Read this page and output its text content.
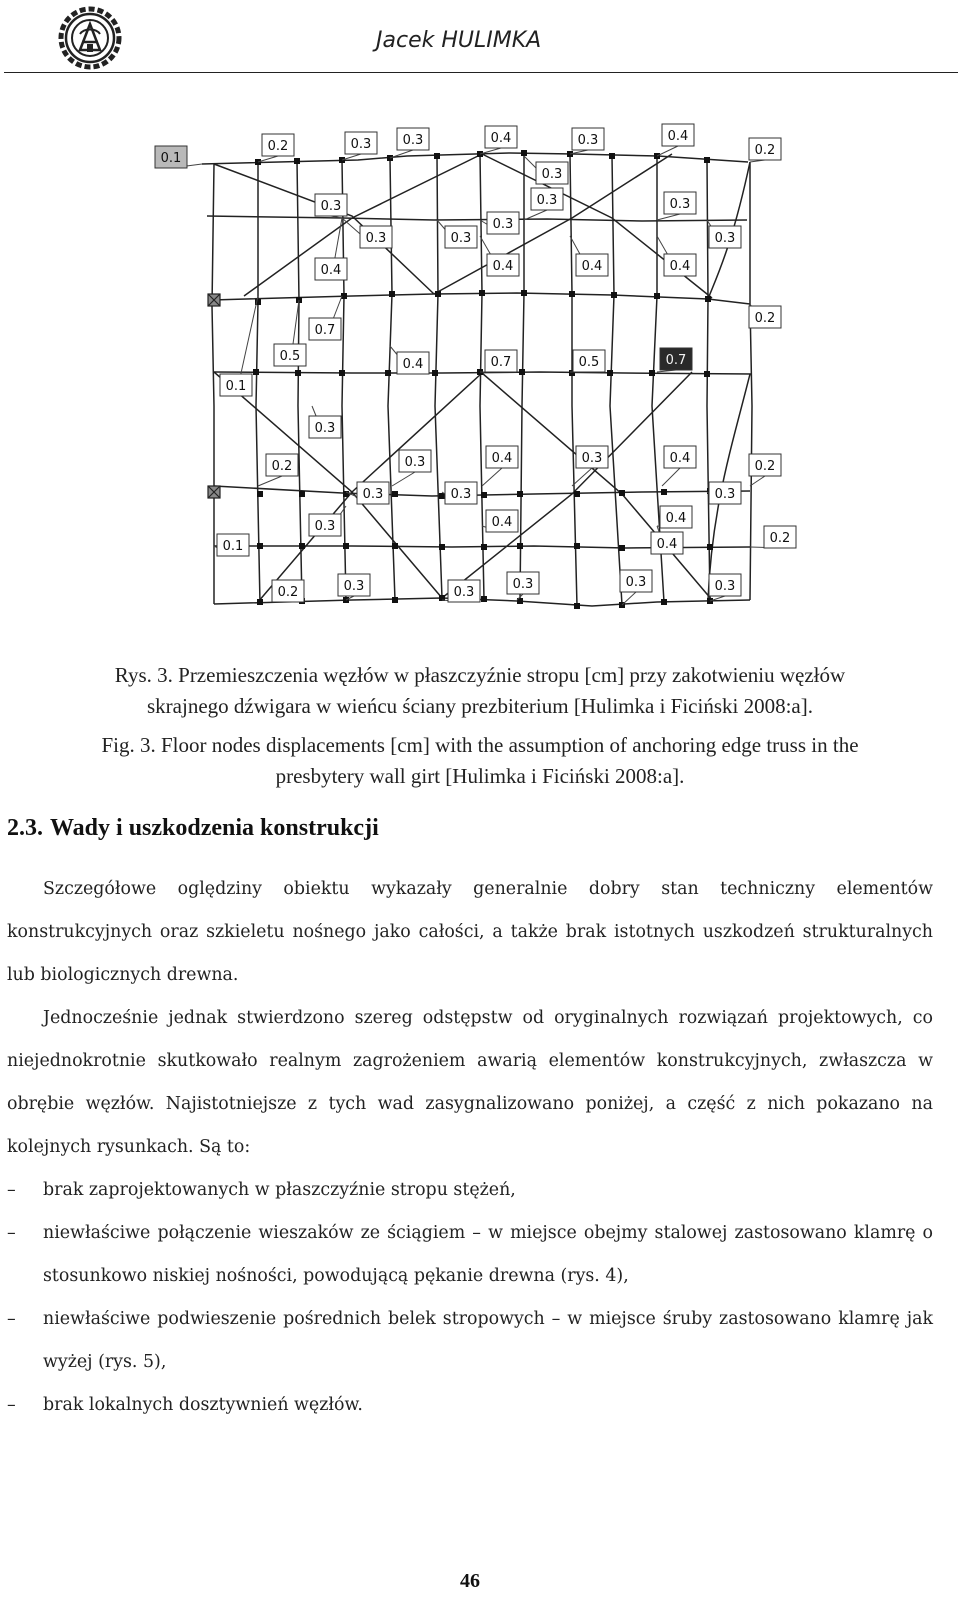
Jacek HULIMKA
0.1
0.2	0.3 0.3	0.4	0.3	0.4
0.2
0.3
0.3	0.3
0.3
0.4
0.3
0.3
0.4	0.4
0.3
0.4
0.3
0.7
0.5
0.1
0.4	0.7	0.5	0.7
0.2
0.3
0.2	0.3	0.4	0.3	0.4
0.2
0.3	0.3	0.3
0.4	0.4
0.1
0.3
0.4	0.2
0.2	0.3	0.3
0.3	0.3	0.3
Rys. 3. Przemieszczenia węzłów w płaszczyźnie stropu [cm] przy zakotwieniu węzłów
skrajnego dźwigara w wieńcu ściany prezbiterium [Hulimka i Ficiński 2008:a].
Fig. 3. Floor nodes displacements [cm] with the assumption of anchoring edge truss in the
presbytery wall girt [Hulimka i Ficiński 2008:a].
2.3. Wady i uszkodzenia konstrukcji
Szczegółowe oględziny obiektu wykazały generalnie dobry stan techniczny elementów konstrukcyjnych oraz szkieletu nośnego jako całości, a także brak istotnych uszkodzeń strukturalnych lub biologicznych drewna.
Jednocześnie jednak stwierdzono szereg odstępstw od oryginalnych rozwiązań projektowych, co niejednokrotnie skutkowało realnym zagrożeniem awarią elementów konstrukcyjnych, zwłaszcza w obrębie węzłów. Najistotniejsze z tych wad zasygnalizowano poniżej, a część z nich pokazano na kolejnych rysunkach. Są to:
– brak zaprojektowanych w płaszczyźnie stropu stężeń,
– niewłaściwe połączenie wieszaków ze ściągiem – w miejsce obejmy stalowej zastosowano klamrę o stosunkowo niskiej nośności, powodującą pękanie drewna (rys. 4),
– niewłaściwe podwieszenie pośrednich belek stropowych – w miejsce śruby zastosowano klamrę jak wyżej (rys. 5),
– brak lokalnych dosztywnień węzłów.
46
